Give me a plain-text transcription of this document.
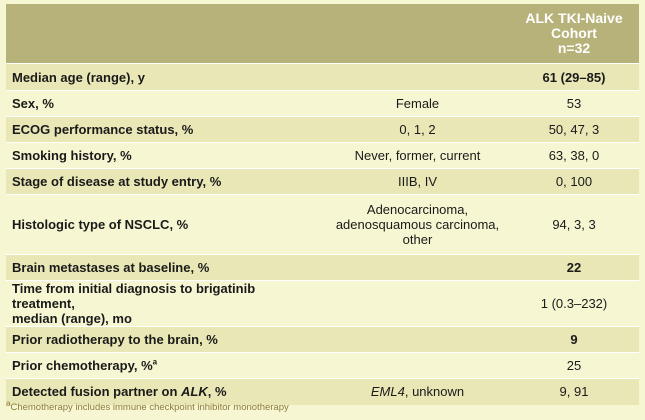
		ALK TKI-Naive
Cohort
n=32
Median age (range), y		61 (29–85)
Sex, %	Female	53
ECOG performance status, %	0, 1, 2	50, 47, 3
Smoking history, %	Never, former, current	63, 38, 0
Stage of disease at study entry, %	IIIB, IV	0, 100
Histologic type of NSCLC, %	Adenocarcinoma,
adenosquamous carcinoma,
other	94, 3, 3
Brain metastases at baseline, %		22
Time from initial diagnosis to brigatinib treatment,
median (range), mo		1 (0.3–232)
Prior radiotherapy to the brain, %		9
Prior chemotherapy, %$^a$		25
Detected fusion partner on ALK, %	EML4, unknown	9, 91
$^a$Chemotherapy includes immune checkpoint inhibitor monotherapy
